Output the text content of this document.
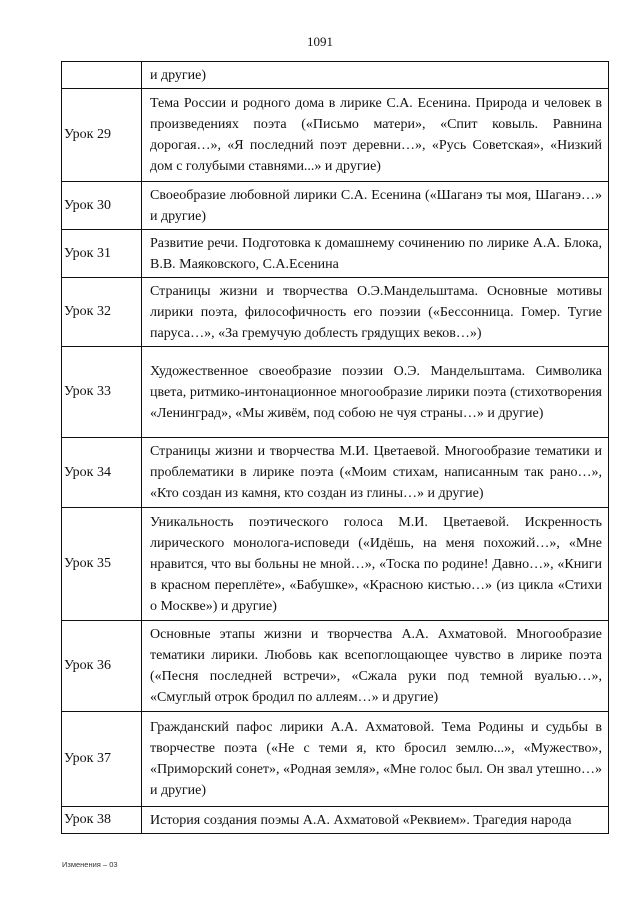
1091
	и другие)
Урок 29	Тема России и родного дома в лирике С.А. Есенина. Природа и человек в произведениях поэта («Письмо матери», «Спит ковыль. Равнина дорогая…», «Я последний поэт деревни…», «Русь Советская», «Низкий дом с голубыми ставнями...» и другие)
Урок 30	Своеобразие любовной лирики С.А. Есенина («Шаганэ ты моя, Шаганэ…» и другие)
Урок 31	Развитие речи. Подготовка к домашнему сочинению по лирике А.А. Блока, В.В. Маяковского, С.А.Есенина
Урок 32	Страницы жизни и творчества О.Э.Мандельштама. Основные мотивы лирики поэта, философичность его поэзии («Бессонница. Гомер. Тугие паруса…», «За гремучую доблесть грядущих веков…»)
Урок 33	Художественное своеобразие поэзии О.Э. Мандельштама. Символика цвета, ритмико-интонационное многообразие лирики поэта (стихотворения «Ленинград», «Мы живём, под собою не чуя страны…» и другие)
Урок 34	Страницы жизни и творчества М.И. Цветаевой. Многообразие тематики и проблематики в лирике поэта («Моим стихам, написанным так рано…», «Кто создан из камня, кто создан из глины…» и другие)
Урок 35	Уникальность поэтического голоса М.И. Цветаевой. Искренность лирического монолога-исповеди («Идёшь, на меня похожий…», «Мне нравится, что вы больны не мной…», «Тоска по родине! Давно…», «Книги в красном переплёте», «Бабушке», «Красною кистью…» (из цикла «Стихи о Москве») и другие)
Урок 36	Основные этапы жизни и творчества А.А. Ахматовой. Многообразие тематики лирики. Любовь как всепоглощающее чувство в лирике поэта («Песня последней встречи», «Сжала руки под темной вуалью…», «Смуглый отрок бродил по аллеям…» и другие)
Урок 37	Гражданский пафос лирики А.А. Ахматовой. Тема Родины и судьбы в творчестве поэта («Не с теми я, кто бросил землю...», «Мужество», «Приморский сонет», «Родная земля», «Мне голос был. Он звал утешно…» и другие)
Урок 38	История создания поэмы А.А. Ахматовой «Реквием». Трагедия народа
Изменения – 03
